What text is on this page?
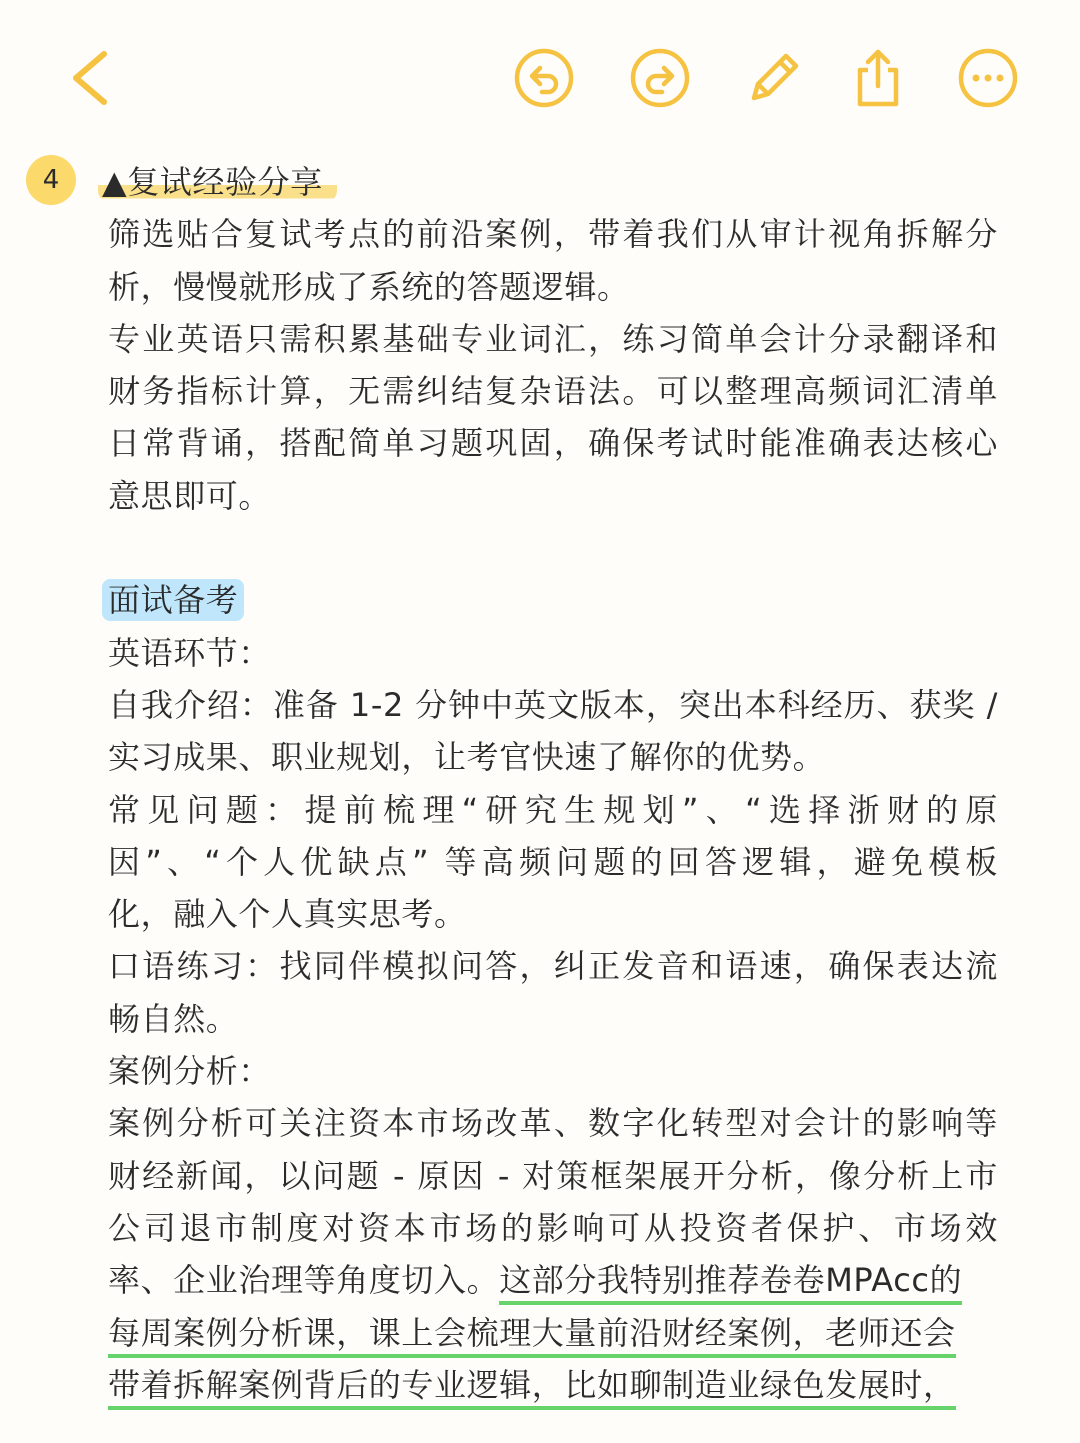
4	▲复试经验分享
筛选贴合复试考点的前沿案例，带着我们从审计视角拆解分
析，慢慢就形成了系统的答题逻辑。
专业英语只需积累基础专业词汇，练习简单会计分录翻译和
财务指标计算，无需纠结复杂语法。可以整理高频词汇清单
日常背诵，搭配简单习题巩固，确保考试时能准确表达核心
意思即可。
面试备考
英语环节：
自我介绍：准备 1-2 分钟中英文版本，突出本科经历、获奖 /
实习成果、职业规划，让考官快速了解你的优势。
常见问题：提前梳理“研究生规划”、“选择浙财的原
因”、“个人优缺点” 等高频问题的回答逻辑，避免模板
化，融入个人真实思考。
口语练习：找同伴模拟问答，纠正发音和语速，确保表达流
畅自然。
案例分析：
案例分析可关注资本市场改革、数字化转型对会计的影响等
财经新闻，以问题 - 原因 - 对策框架展开分析，像分析上市
公司退市制度对资本市场的影响可从投资者保护、市场效
率、企业治理等角度切入。这部分我特别推荐卷卷MPAcc的
每周案例分析课，课上会梳理大量前沿财经案例，老师还会
带着拆解案例背后的专业逻辑，比如聊制造业绿色发展时，
